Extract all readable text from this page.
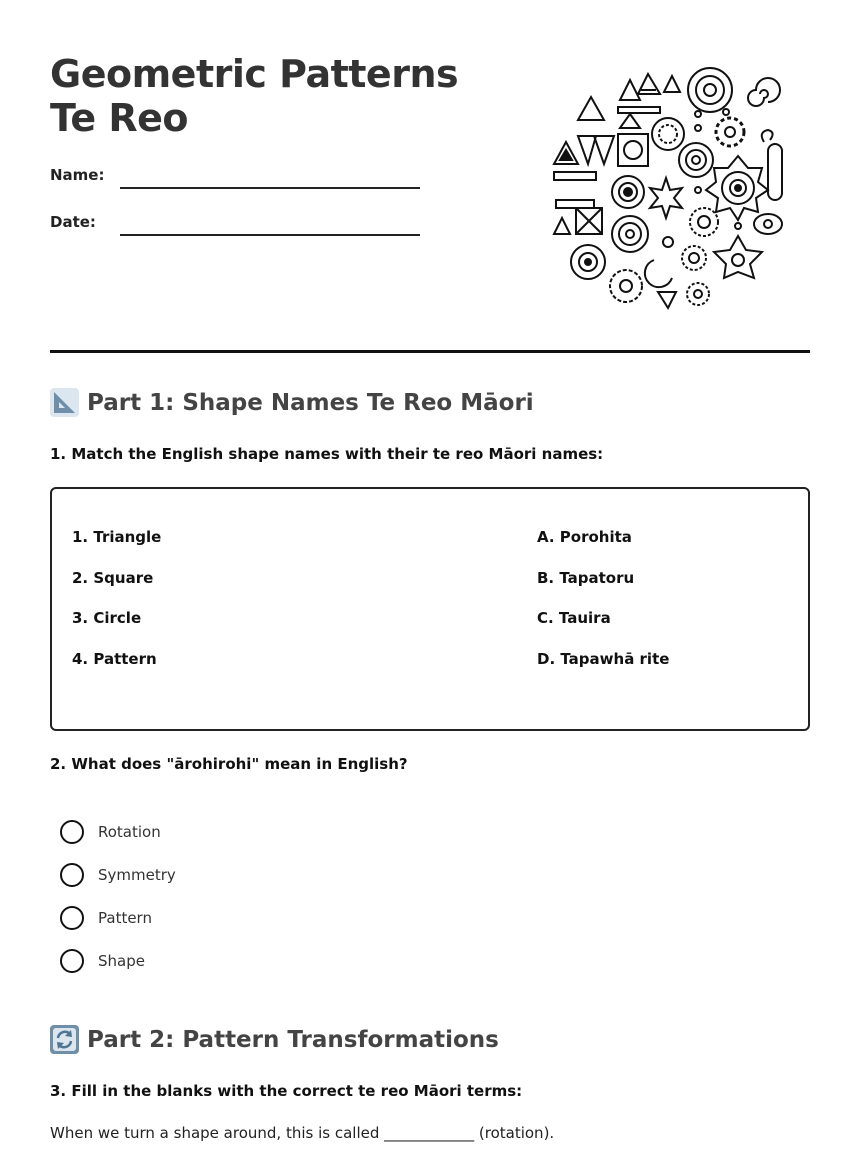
Geometric Patterns Te Reo
Name:
Date:
Part 1: Shape Names Te Reo Māori
1. Match the English shape names with their te reo Māori names:
1. Triangle
2. Square
3. Circle
4. Pattern
A. Porohita
B. Tapatoru
C. Tauira
D. Tapawhā rite
2. What does "ārohirohi" mean in English?
Rotation
Symmetry
Pattern
Shape
Part 2: Pattern Transformations
3. Fill in the blanks with the correct te reo Māori terms:
When we turn a shape around, this is called ____________ (rotation).
